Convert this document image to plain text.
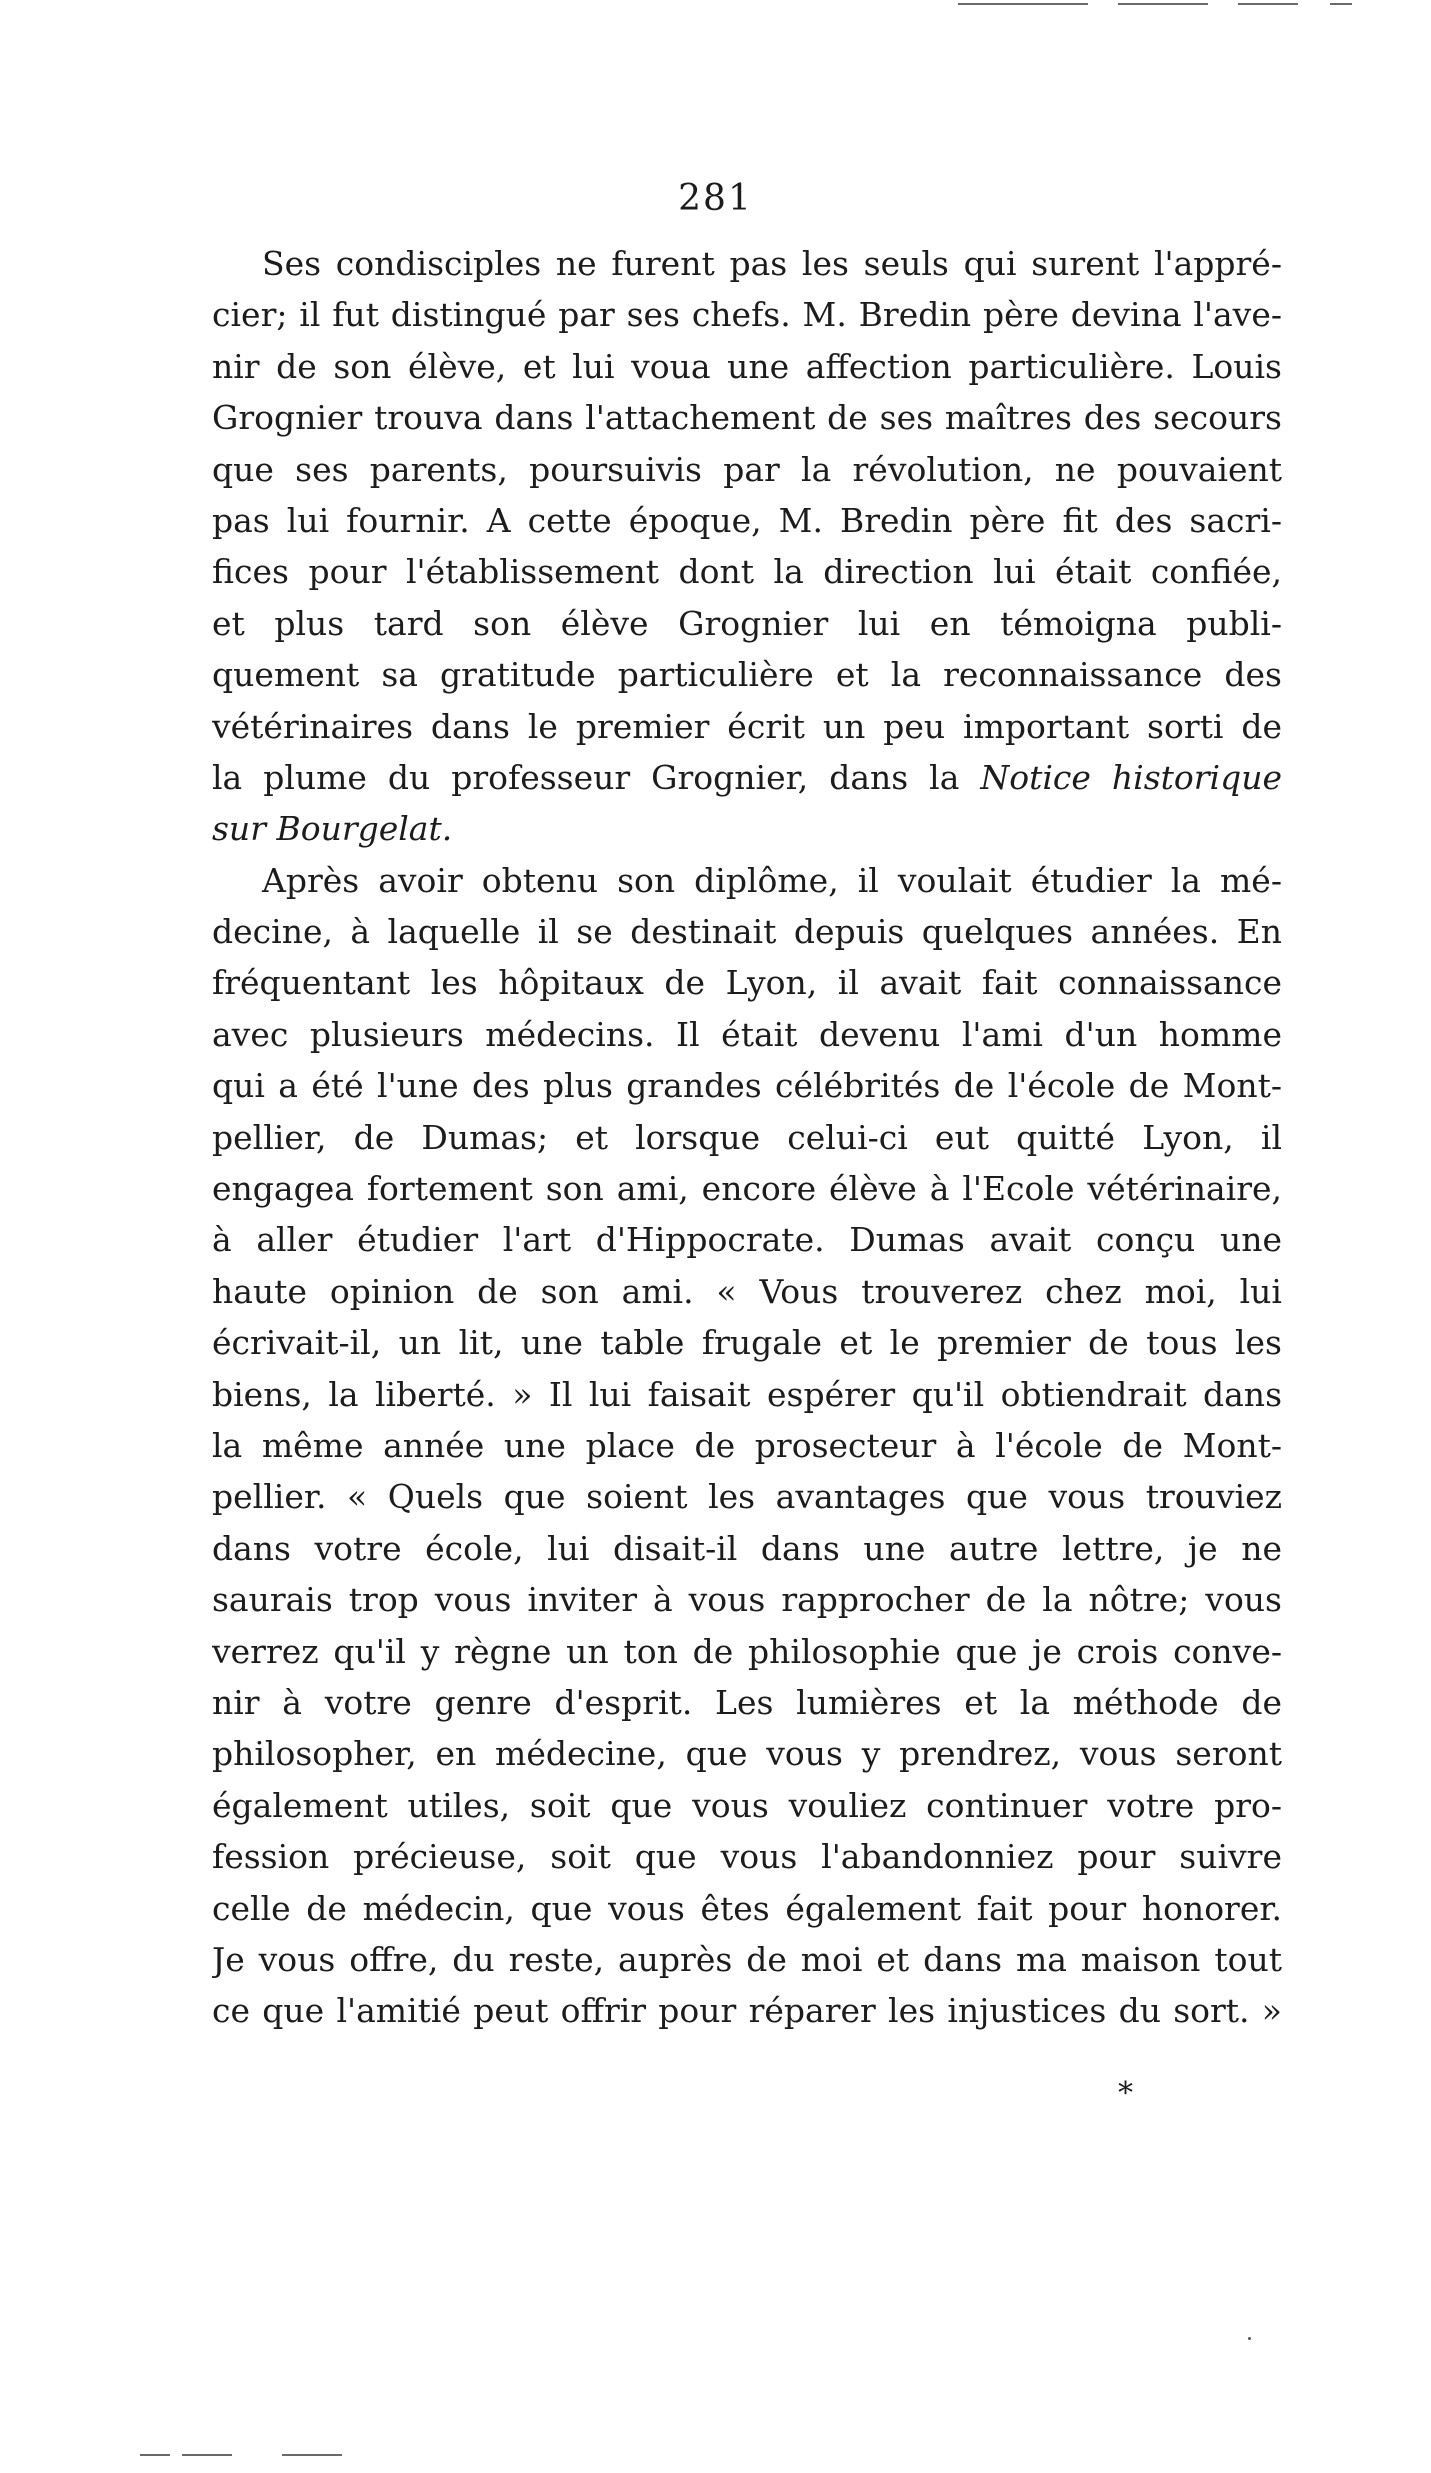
281
Ses condisciples ne furent pas les seuls qui surent l'appré-
cier; il fut distingué par ses chefs. M. Bredin père devina l'ave-
nir de son élève, et lui voua une affection particulière. Louis
Grognier trouva dans l'attachement de ses maîtres des secours
que ses parents, poursuivis par la révolution, ne pouvaient
pas lui fournir. A cette époque, M. Bredin père fit des sacri-
fices pour l'établissement dont la direction lui était confiée,
et plus tard son élève Grognier lui en témoigna publi-
quement sa gratitude particulière et la reconnaissance des
vétérinaires dans le premier écrit un peu important sorti de
la plume du professeur Grognier, dans la Notice historique
sur Bourgelat.
Après avoir obtenu son diplôme, il voulait étudier la mé-
decine, à laquelle il se destinait depuis quelques années. En
fréquentant les hôpitaux de Lyon, il avait fait connaissance
avec plusieurs médecins. Il était devenu l'ami d'un homme
qui a été l'une des plus grandes célébrités de l'école de Mont-
pellier, de Dumas; et lorsque celui-ci eut quitté Lyon, il
engagea fortement son ami, encore élève à l'Ecole vétérinaire,
à aller étudier l'art d'Hippocrate. Dumas avait conçu une
haute opinion de son ami. « Vous trouverez chez moi, lui
écrivait-il, un lit, une table frugale et le premier de tous les
biens, la liberté. » Il lui faisait espérer qu'il obtiendrait dans
la même année une place de prosecteur à l'école de Mont-
pellier. « Quels que soient les avantages que vous trouviez
dans votre école, lui disait-il dans une autre lettre, je ne
saurais trop vous inviter à vous rapprocher de la nôtre; vous
verrez qu'il y règne un ton de philosophie que je crois conve-
nir à votre genre d'esprit. Les lumières et la méthode de
philosopher, en médecine, que vous y prendrez, vous seront
également utiles, soit que vous vouliez continuer votre pro-
fession précieuse, soit que vous l'abandonniez pour suivre
celle de médecin, que vous êtes également fait pour honorer.
Je vous offre, du reste, auprès de moi et dans ma maison tout
ce que l'amitié peut offrir pour réparer les injustices du sort. »
*
